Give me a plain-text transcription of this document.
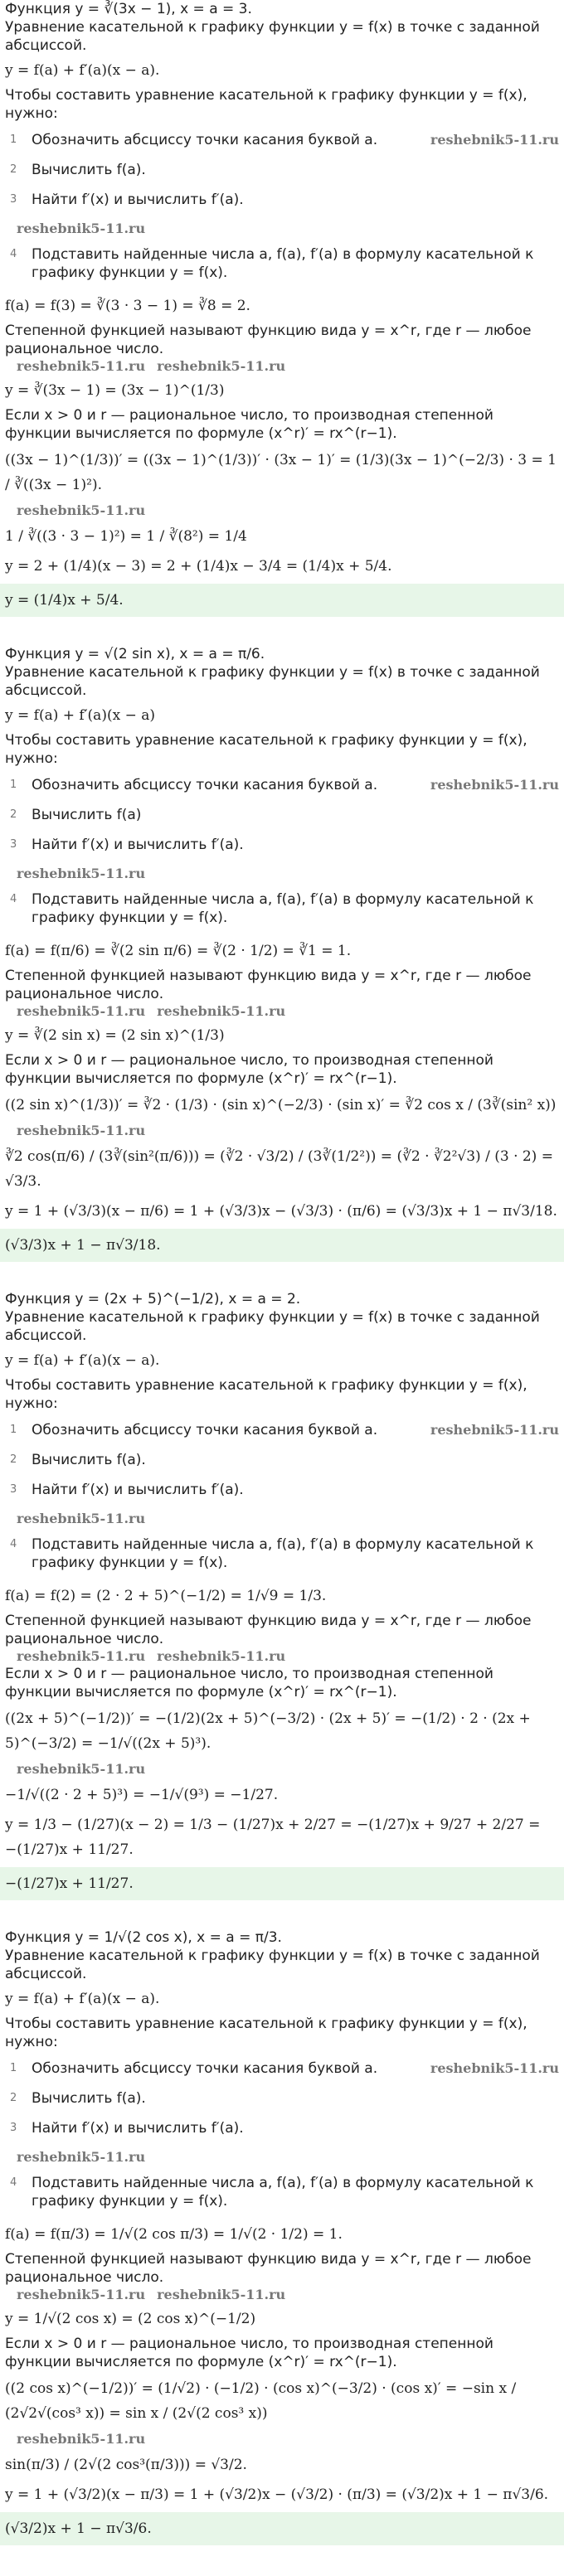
Функция y = ∛(3x − 1), x = a = 3.
Уравнение касательной к графику функции y = f(x) в точке с заданной абсциссой.
y = f(a) + f′(a)(x − a).
Чтобы составить уравнение касательной к графику функции y = f(x), нужно:
1	Обозначить абсциссу точки касания буквой a.	reshebnik5-11.ru
2	Вычислить f(a).
3	Найти f′(x) и вычислить f′(a).
reshebnik5-11.ru
4	Подставить найденные числа a, f(a), f′(a) в формулу касательной к графику функции y = f(x).
f(a) = f(3) = ∛(3 · 3 − 1) = ∛8 = 2.
Степенной функцией называют функцию вида y = x^r, где r — любое рациональное число.
reshebnik5-11.ru reshebnik5-11.ru
y = ∛(3x − 1) = (3x − 1)^(1/3)
Если x > 0 и r — рациональное число, то производная степенной функции вычисляется по формуле (x^r)′ = rx^(r−1).
((3x − 1)^(1/3))′ = ((3x − 1)^(1/3))′ · (3x − 1)′ = (1/3)(3x − 1)^(−2/3) · 3 = 1 / ∛((3x − 1)²).
reshebnik5-11.ru
1 / ∛((3 · 3 − 1)²) = 1 / ∛(8²) = 1/4
y = 2 + (1/4)(x − 3) = 2 + (1/4)x − 3/4 = (1/4)x + 5/4.
y = (1/4)x + 5/4.
Функция y = √(2 sin x), x = a = π/6.
Уравнение касательной к графику функции y = f(x) в точке с заданной абсциссой.
y = f(a) + f′(a)(x − a)
Чтобы составить уравнение касательной к графику функции y = f(x), нужно:
1	Обозначить абсциссу точки касания буквой a.	reshebnik5-11.ru
2	Вычислить f(a)
3	Найти f′(x) и вычислить f′(a).
reshebnik5-11.ru
4	Подставить найденные числа a, f(a), f′(a) в формулу касательной к графику функции y = f(x).
f(a) = f(π/6) = ∛(2 sin π/6) = ∛(2 · 1/2) = ∛1 = 1.
Степенной функцией называют функцию вида y = x^r, где r — любое рациональное число.
reshebnik5-11.ru reshebnik5-11.ru
y = ∛(2 sin x) = (2 sin x)^(1/3)
Если x > 0 и r — рациональное число, то производная степенной функции вычисляется по формуле (x^r)′ = rx^(r−1).
((2 sin x)^(1/3))′ = ∛2 · (1/3) · (sin x)^(−2/3) · (sin x)′ = ∛2 cos x / (3∛(sin² x))
reshebnik5-11.ru
∛2 cos(π/6) / (3∛(sin²(π/6))) = (∛2 · √3/2) / (3∛(1/2²)) = (∛2 · ∛2²√3) / (3 · 2) = √3/3.
y = 1 + (√3/3)(x − π/6) = 1 + (√3/3)x − (√3/3) · (π/6) = (√3/3)x + 1 − π√3/18.
(√3/3)x + 1 − π√3/18.
Функция y = (2x + 5)^(−1/2), x = a = 2.
Уравнение касательной к графику функции y = f(x) в точке с заданной абсциссой.
y = f(a) + f′(a)(x − a).
Чтобы составить уравнение касательной к графику функции y = f(x), нужно:
1	Обозначить абсциссу точки касания буквой a.	reshebnik5-11.ru
2	Вычислить f(a).
3	Найти f′(x) и вычислить f′(a).
reshebnik5-11.ru
4	Подставить найденные числа a, f(a), f′(a) в формулу касательной к графику функции y = f(x).
f(a) = f(2) = (2 · 2 + 5)^(−1/2) = 1/√9 = 1/3.
Степенной функцией называют функцию вида y = x^r, где r — любое рациональное число.
reshebnik5-11.ru reshebnik5-11.ru
Если x > 0 и r — рациональное число, то производная степенной функции вычисляется по формуле (x^r)′ = rx^(r−1).
((2x + 5)^(−1/2))′ = −(1/2)(2x + 5)^(−3/2) · (2x + 5)′ = −(1/2) · 2 · (2x + 5)^(−3/2) = −1/√((2x + 5)³).
reshebnik5-11.ru
−1/√((2 · 2 + 5)³) = −1/√(9³) = −1/27.
y = 1/3 − (1/27)(x − 2) = 1/3 − (1/27)x + 2/27 = −(1/27)x + 9/27 + 2/27 = −(1/27)x + 11/27.
−(1/27)x + 11/27.
Функция y = 1/√(2 cos x), x = a = π/3.
Уравнение касательной к графику функции y = f(x) в точке с заданной абсциссой.
y = f(a) + f′(a)(x − a).
Чтобы составить уравнение касательной к графику функции y = f(x), нужно:
1	Обозначить абсциссу точки касания буквой a.	reshebnik5-11.ru
2	Вычислить f(a).
3	Найти f′(x) и вычислить f′(a).
reshebnik5-11.ru
4	Подставить найденные числа a, f(a), f′(a) в формулу касательной к графику функции y = f(x).
f(a) = f(π/3) = 1/√(2 cos π/3) = 1/√(2 · 1/2) = 1.
Степенной функцией называют функцию вида y = x^r, где r — любое рациональное число.
reshebnik5-11.ru reshebnik5-11.ru
y = 1/√(2 cos x) = (2 cos x)^(−1/2)
Если x > 0 и r — рациональное число, то производная степенной функции вычисляется по формуле (x^r)′ = rx^(r−1).
((2 cos x)^(−1/2))′ = (1/√2) · (−1/2) · (cos x)^(−3/2) · (cos x)′ = −sin x / (2√2√(cos³ x)) = sin x / (2√(2 cos³ x))
reshebnik5-11.ru
sin(π/3) / (2√(2 cos³(π/3))) = √3/2.
y = 1 + (√3/2)(x − π/3) = 1 + (√3/2)x − (√3/2) · (π/3) = (√3/2)x + 1 − π√3/6.
(√3/2)x + 1 − π√3/6.
